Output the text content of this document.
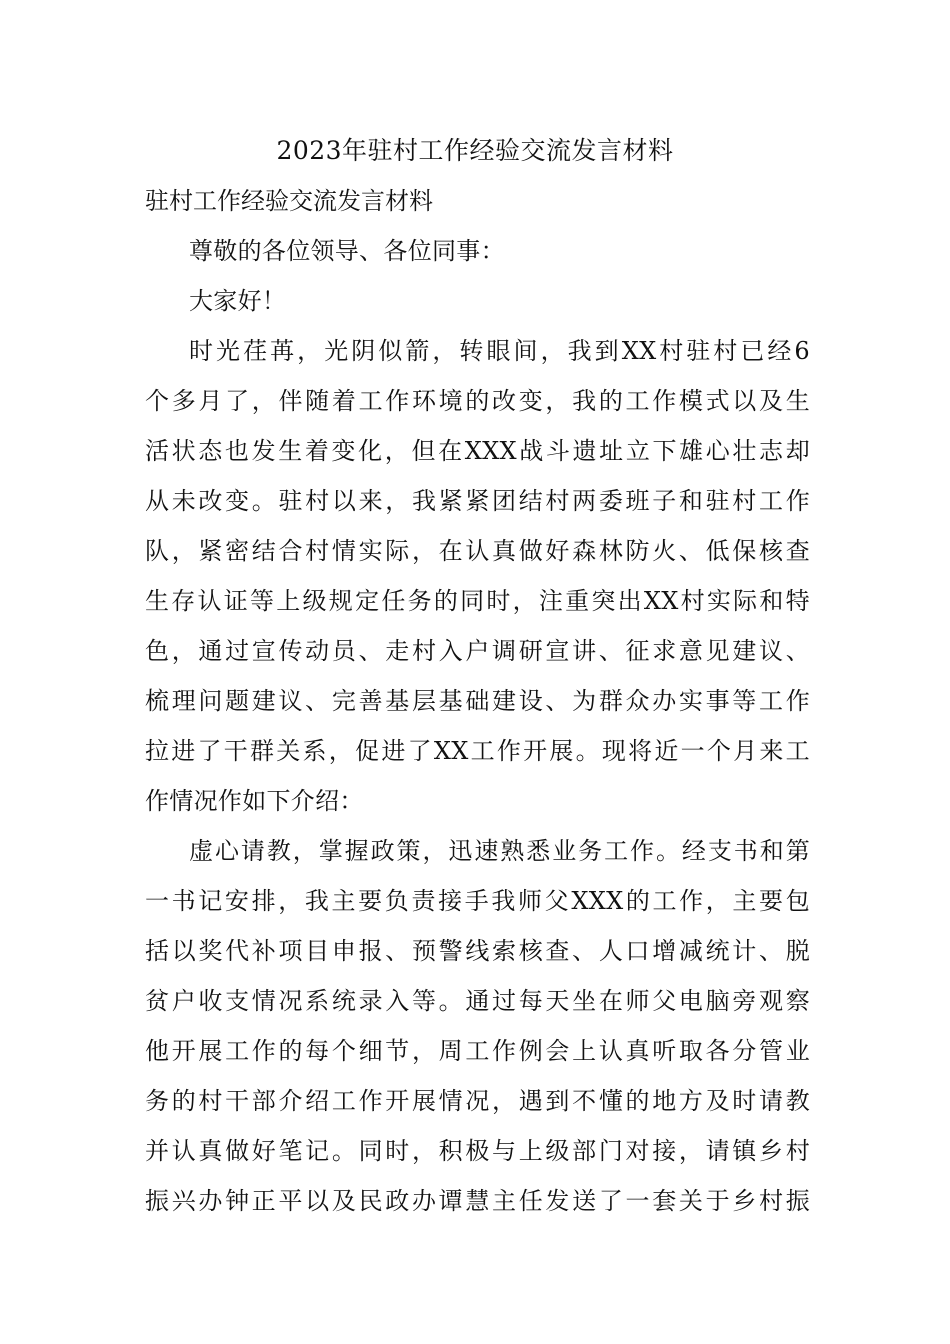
2023年驻村工作经验交流发言材料
驻村工作经验交流发言材料
尊敬的各位领导、各位同事：
大家好！
时光荏苒，光阴似箭，转眼间，我到XX村驻村已经6
个多月了，伴随着工作环境的改变，我的工作模式以及生
活状态也发生着变化，但在XXX战斗遗址立下雄心壮志却
从未改变。驻村以来，我紧紧团结村两委班子和驻村工作
队，紧密结合村情实际，在认真做好森林防火、低保核查
生存认证等上级规定任务的同时，注重突出XX村实际和特
色，通过宣传动员、走村入户调研宣讲、征求意见建议、
梳理问题建议、完善基层基础建设、为群众办实事等工作
拉进了干群关系，促进了XX工作开展。现将近一个月来工
作情况作如下介绍：
虚心请教，掌握政策，迅速熟悉业务工作。经支书和第
一书记安排，我主要负责接手我师父XXX的工作，主要包
括以奖代补项目申报、预警线索核查、人口增减统计、脱
贫户收支情况系统录入等。通过每天坐在师父电脑旁观察
他开展工作的每个细节，周工作例会上认真听取各分管业
务的村干部介绍工作开展情况，遇到不懂的地方及时请教
并认真做好笔记。同时，积极与上级部门对接，请镇乡村
振兴办钟正平以及民政办谭慧主任发送了一套关于乡村振
